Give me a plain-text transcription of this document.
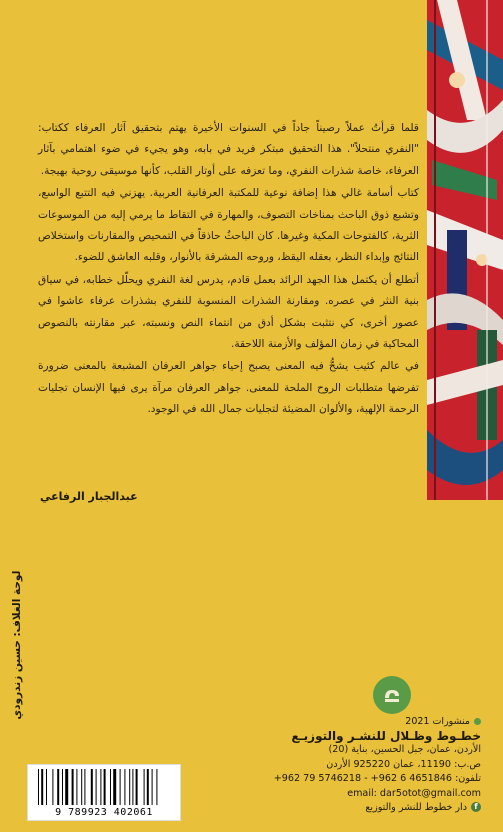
قلما قرأتُ عملاً رصيناً جاداً في السنوات الأخيرة يهتم بتحقيق آثار العرفاء ككتاب: "النفري منتحلاً". هذا التحقيق مبتكر فريد في بابه، وهو يجيء في ضوء اهتمامي بآثار العرفاء، خاصة شذرات النفري، وما تعزفه على أوتار القلب، كأنها موسيقى روحية بهيجة.

كتاب أسامة غالي هذا إضافة نوعية للمكتبة العرفانية العربية. يهزني فيه التتبع الواسع، وتشبع ذوق الباحث بمناخات التصوف، والمهارة في التقاط ما يرمي إليه من الموسوعات الثرية، كالفتوحات المكية وغيرها. كان الباحثُ حاذقاً في التمحيص والمقارنات واستخلاص النتائج وإبداء النظر، بعقله اليقظ، وروحه المشرقة بالأنوار، وقلبه العاشق للضوء.

أتطلع أن يكتمل هذا الجهد الرائد بعمل قادم، يدرس لغة النفري ويحلّل خطابه، في سياق بنية النثر في عصره. ومقارنة الشذرات المنسوبة للنفري بشذرات عرفاء عاشوا في عصور أخرى، كي نتثبت بشكل أدق من انتماء النص ونسبته، عبر مقارنته بالنصوص المحاكية في زمان المؤلف والأزمنة اللاحقة.

في عالم كئيب يشحُّ فيه المعنى يصبح إحياء جواهر العرفان المشبعة بالمعنى ضرورة تفرضها متطلبات الروح الملحة للمعنى. جواهر العرفان مرآة يرى فيها الإنسان تجليات الرحمة الإلهية، والألوان المضيئة لتجليات جمال الله في الوجود.

عبدالجبار الرفاعي
لوحة الغلاف: حسين زندرودي
منشورات 2021
خطـوط وظـلال للنشـر والتوزيـع
الأردن، عمان، جبل الحسين، بناية (20)
ص.ب: 11190، عمان 925220 الأردن
تلفون: 4651846 6 962+ - 5746218 79 962+
email: dar5otot@gmail.com
fدار خطوط للنشر والتوزيع
9 789923 402061
